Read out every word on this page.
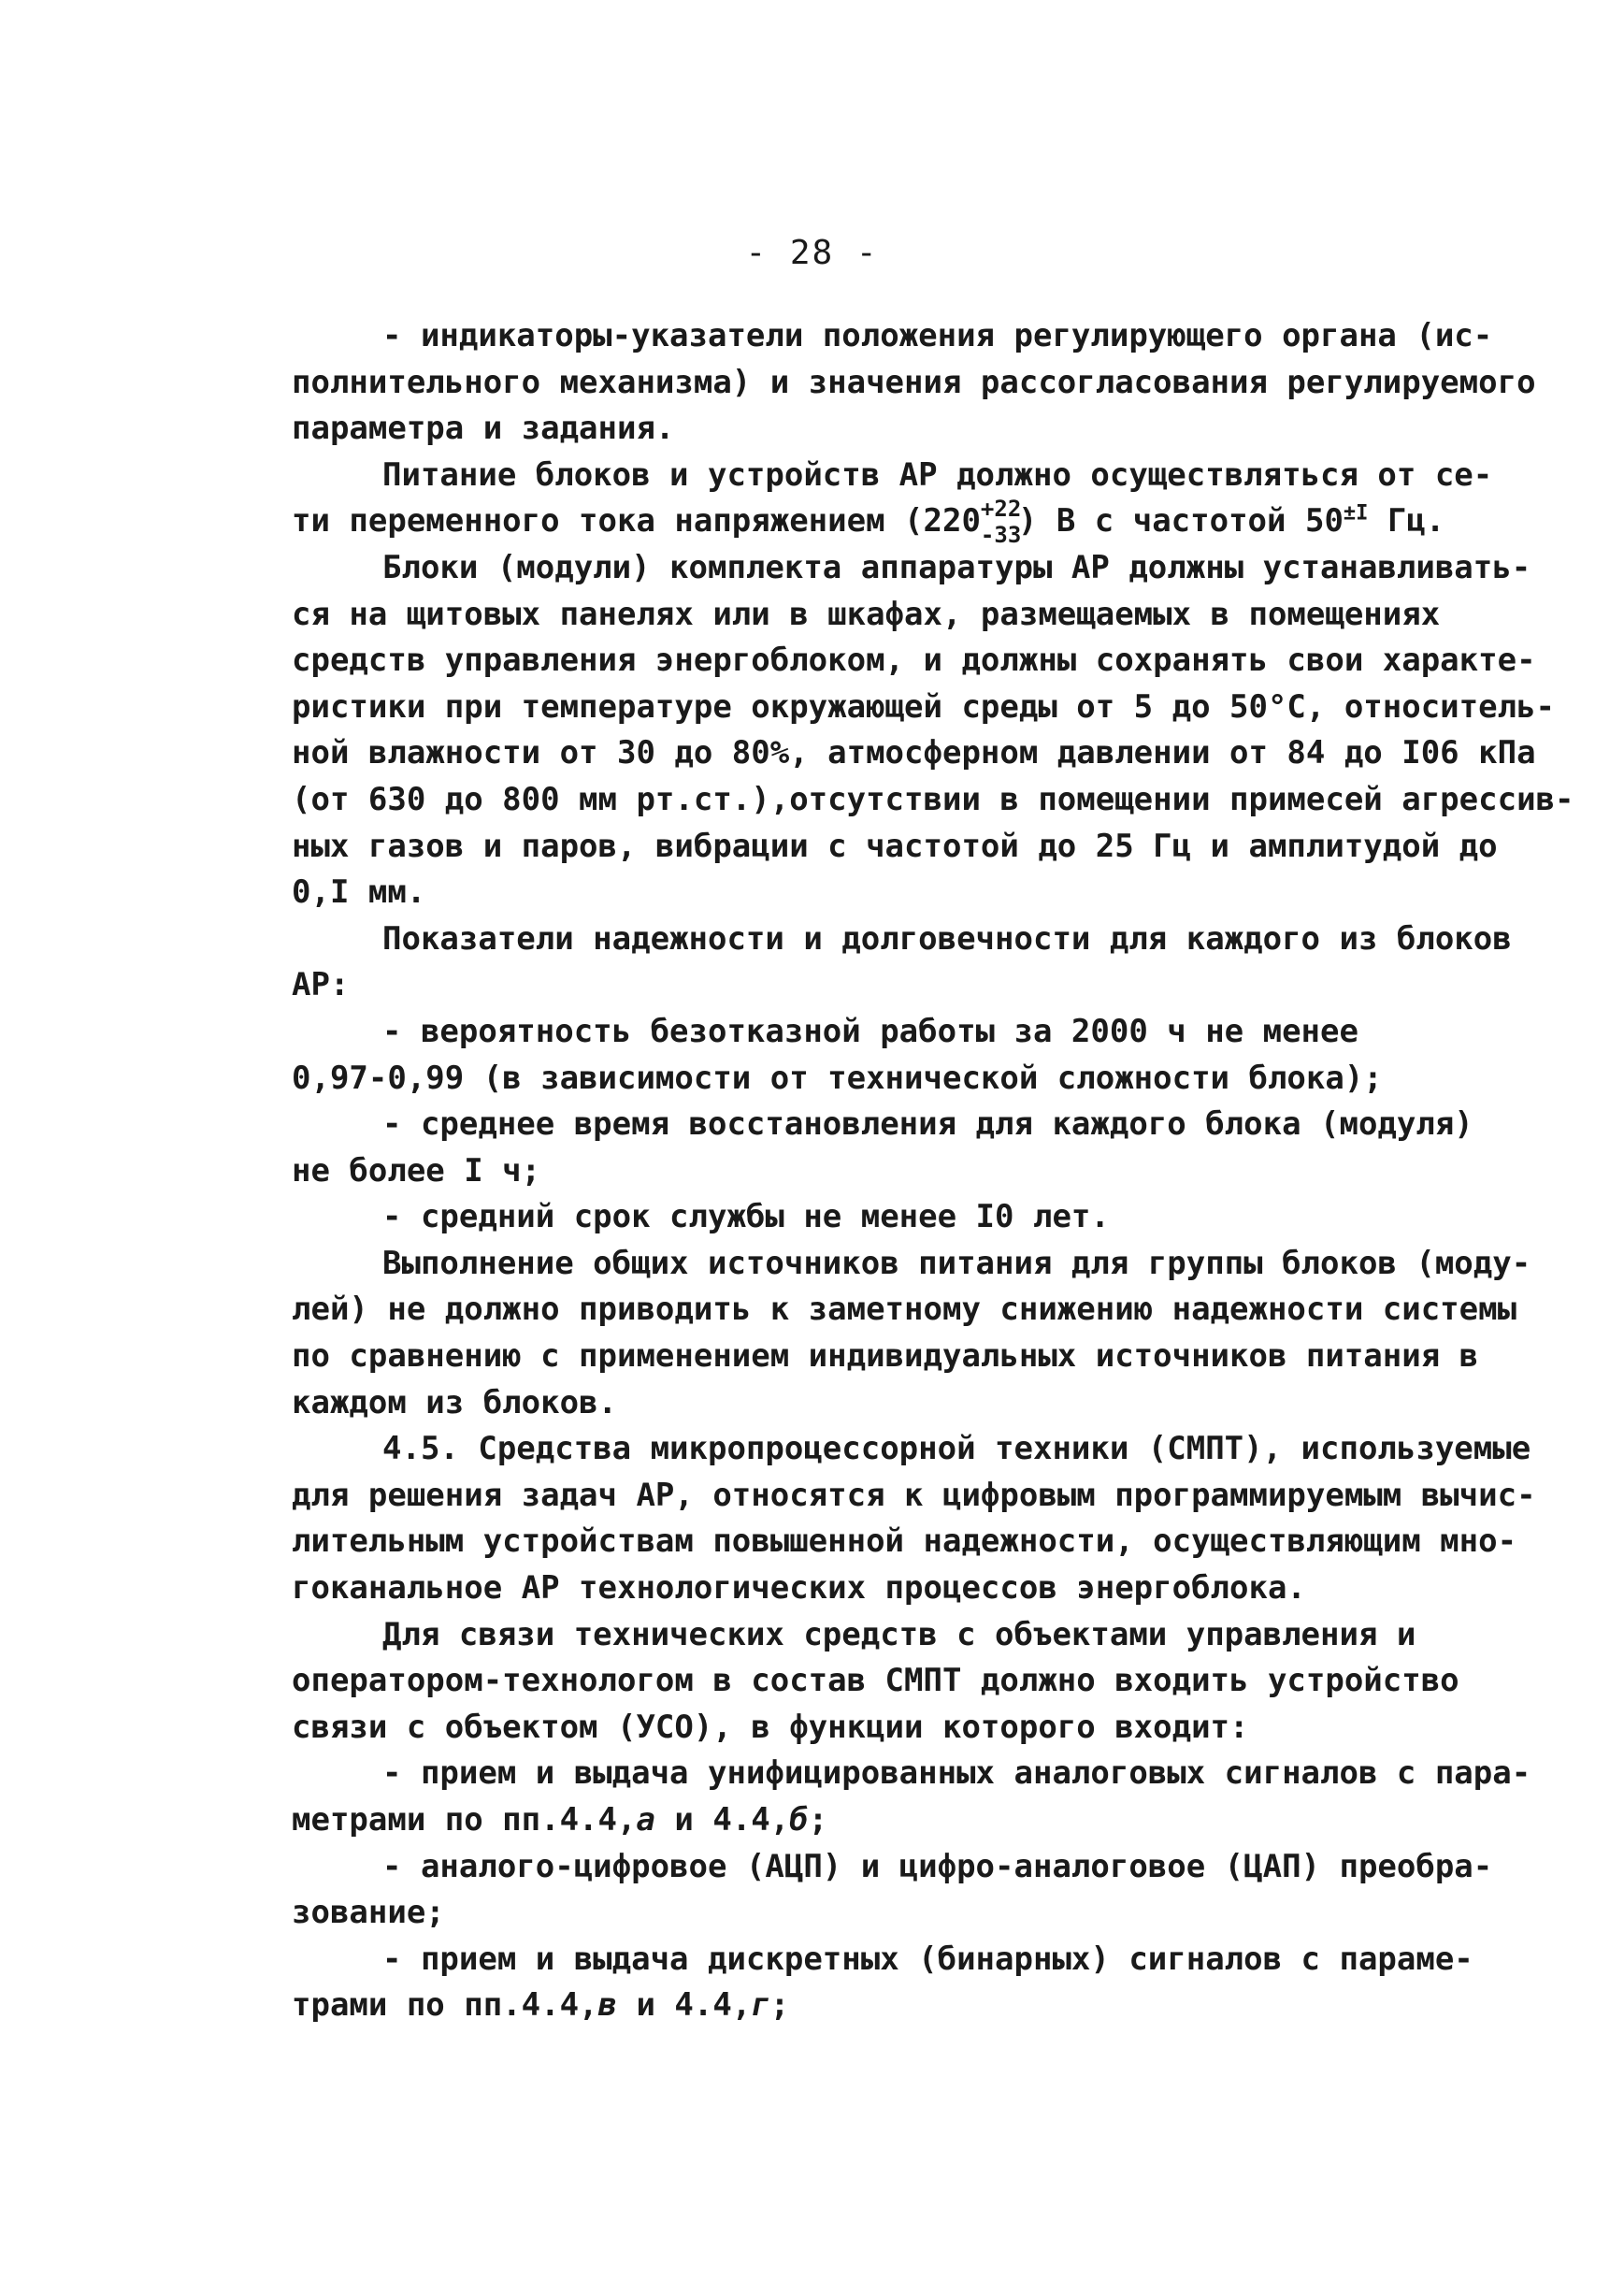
- 28 -
- индикаторы-указатели положения регулирующего органа (ис-
полнительного механизма) и значения рассогласования регулируемого
параметра и задания.
Питание блоков и устройств АР должно осуществляться от се-
ти переменного тока напряжением (220 +22
-33
) В с частотой $50^{\pm I}$ Гц.
Блоки (модули) комплекта аппаратуры АР должны устанавливать-
ся на щитовых панелях или в шкафах, размещаемых в помещениях
средств управления энергоблоком, и должны сохранять свои характе-
ристики при температуре окружающей среды от 5 до 50°С, относитель-
ной влажности от 30 до 80%, атмосферном давлении от 84 до I06 кПа
(от 630 до 800 мм рт.ст.),отсутствии в помещении примесей агрессив-
ных газов и паров, вибрации с частотой до 25 Гц и амплитудой до
0,I мм.
Показатели надежности и долговечности для каждого из блоков
АР:
- вероятность безотказной работы за 2000 ч не менее
0,97-0,99 (в зависимости от технической сложности блока);
- среднее время восстановления для каждого блока (модуля)
не более I ч;
- средний срок службы не менее I0 лет.
Выполнение общих источников питания для группы блоков (моду-
лей) не должно приводить к заметному снижению надежности системы
по сравнению с применением индивидуальных источников питания в
каждом из блоков.
4.5. Средства микропроцессорной техники (СМПТ), используемые
для решения задач АР, относятся к цифровым программируемым вычис-
лительным устройствам повышенной надежности, осуществляющим мно-
гоканальное АР технологических процессов энергоблока.
Для связи технических средств с объектами управления и
оператором-технологом в состав СМПТ должно входить устройство
связи с объектом (УСО), в функции которого входит:
- прием и выдача унифицированных аналоговых сигналов с пара-
метрами по пп.4.4,а и 4.4,б;
- аналого-цифровое (АЦП) и цифро-аналоговое (ЦАП) преобра-
зование;
- прием и выдача дискретных (бинарных) сигналов с параме-
трами по пп.4.4,в и 4.4,г;
